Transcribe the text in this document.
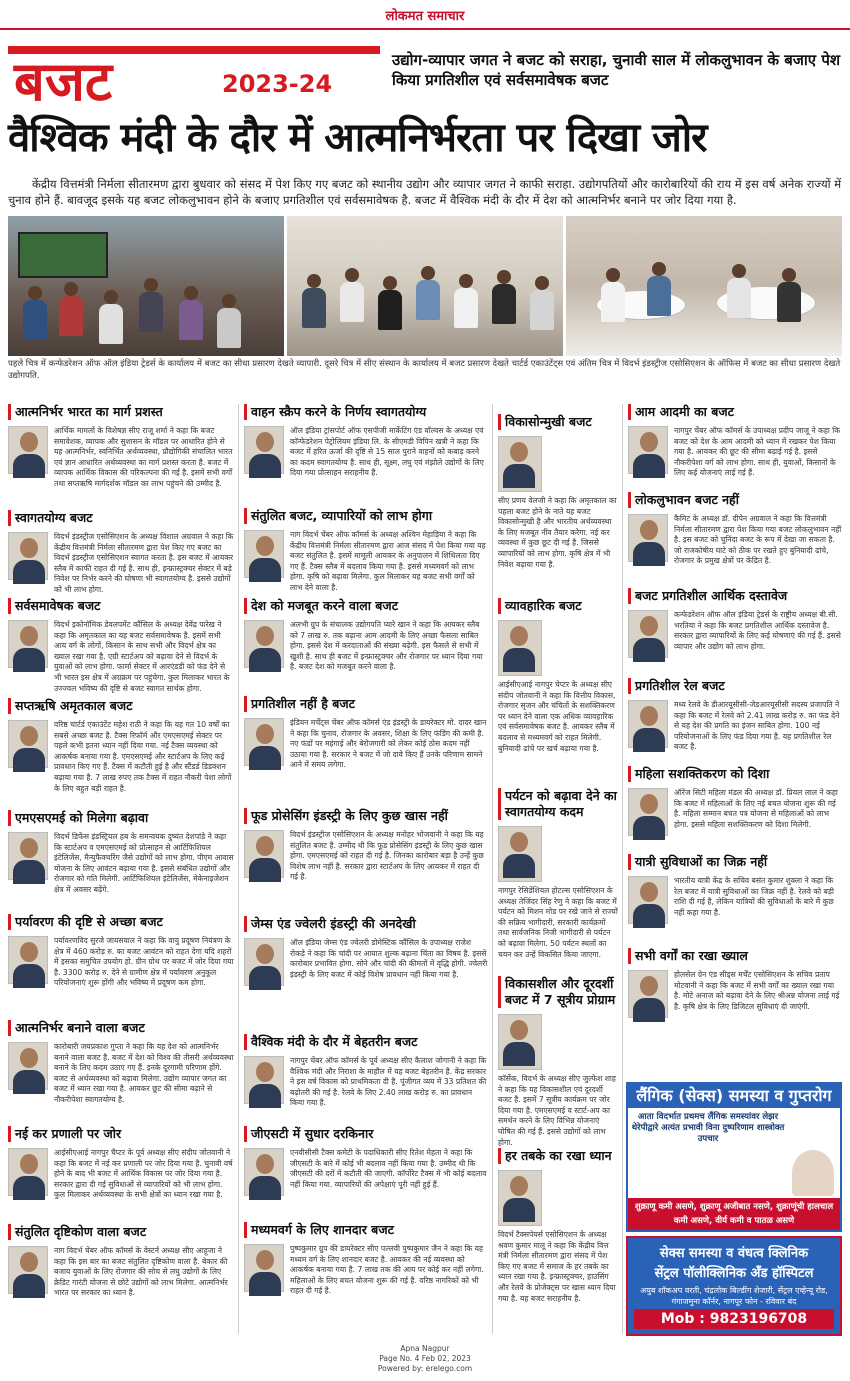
लोकमत समाचार
बजट	2023-24
उद्योग-व्यापार जगत ने बजट को सराहा, चुनावी साल में लोकलुभावन के बजाए पेश किया प्रगतिशील एवं सर्वसमावेषक बजट
वैश्विक मंदी के दौर में आत्मनिर्भरता पर दिखा जोर
केंद्रीय वित्तमंत्री निर्मला सीतारमण द्वारा बुधवार को संसद में पेश किए गए बजट को स्थानीय उद्योग और व्यापार जगत ने काफी सराहा. उद्योगपतियों और कारोबारियों की राय में इस वर्ष अनेक राज्यों में चुनाव होने हैं. बावजूद इसके यह बजट लोकलुभावन होने के बजाए प्रगतिशील एवं सर्वसमावेषक है. बजट में वैश्विक मंदी के दौर में देश को आत्मनिर्भर बनाने पर जोर दिया गया है.
पहले चित्र में कन्फेडरेशन ऑफ ऑल इंडिया ट्रेडर्स के कार्यालय में बजट का सीधा प्रसारण देखते व्यापारी. दूसरे चित्र में सीए संस्थान के कार्यालय में बजट प्रसारण देखते चार्टर्ड एकाउंटेंट्स एवं अंतिम चित्र में विदर्भ इंडस्ट्रीज एसोसिएशन के ऑफिस में बजट का सीधा प्रसारण देखते उद्योगपति.
आत्मनिर्भर भारत का मार्ग प्रशस्त
आर्थिक मामलों के विशेषज्ञ सीए राजू शर्मा ने कहा कि बजट समावेशक, व्यापक और सुशासन के मॉडल पर आधारित होने से यह आत्मनिर्भर, स्वनिर्भित अर्थव्यवस्था, प्रौद्योगिकी संचालित भारत एवं ज्ञान आधारित अर्थव्यवस्था का मार्ग प्रशस्त करता है. बजट में व्यापक आर्थिक विकास की परिकल्पना की गई है. इसमें सभी वर्गों तथा सप्तऋषि मार्गदर्शक मॉडल का लाभ पहुंचने की उम्मीद है.
स्वागतयोग्य बजट
विदर्भ इंडस्ट्रीज एसोसिएशन के अध्यक्ष विशाल अग्रवाल ने कहा कि केंद्रीय वित्तमंत्री निर्मला सीतारमण द्वारा पेश किए गए बजट का विदर्भ इंडस्ट्रीज एसोसिएशन स्वागत करता है. इस बजट में आयकर स्लैब में काफी राहत दी गई है. साथ ही, इन्फ्रास्ट्रक्चर सेक्टर में बड़े निवेश पर निर्भर करने की घोषणा भी स्वागतयोग्य है. इससे उद्योगों को भी लाभ होगा.
सर्वसमावेषक बजट
विदर्भ इकोनॉमिक डेवलपमेंट कौंसिल के अध्यक्ष देवेंद्र पारेख ने कहा कि अमृतकाल का यह बजट सर्वसमावेषक है. इसमें सभी आय वर्ग के लोगों, किसान के साथ सभी और विदर्भ क्षेत्र का ख्याल रखा गया है. एग्री स्टार्टअप को बढ़ावा देने से विदर्भ के युवाओं को लाभ होगा. फार्मा सेक्टर में आरएंडडी को फंड देने से भी भारत इस क्षेत्र में अग्रक्रम पर पहुंचेगा. कुल मिलाकर भारत के उज्ज्वल भविष्य की दृष्टि से बजट स्वागत सार्थक होगा.
सप्तऋषि अमृतकाल बजट
वरिष्ठ चार्टर्ड एकाउंटेंट महेश राठी ने कहा कि यह गत 10 वर्षों का सबसे अच्छा बजट है. टैक्स रिफॉर्म और एमएसएमई सेक्टर पर पहले कभी इतना ध्यान नहीं दिया गया. नई टैक्स व्यवस्था को आकर्षक बनाया गया है. एमएसएमई और स्टार्टअप के लिए कई प्रावधान किए गए हैं. टैक्स में कटौती हुई है और स्टैंडर्ड डिडक्शन बढ़ाया गया है. 7 लाख रुपए तक टैक्स में राहत नौकरी पेशा लोगों के लिए बहुत बड़ी राहत है.
एमएसएमई को मिलेगा बढ़ावा
विदर्भ डिफेंस इंडस्ट्रियल हब के समन्वयक दुष्यंत देशपांडे ने कहा कि स्टार्टअप व एमएसएमई को प्रोत्साहन से आर्टिफिशियल इंटेलिजेंस, मैन्युफैक्चरिंग जैसे उद्योगों को लाभ होगा. पीएम आवास योजना के लिए आवंटन बढ़ाया गया है. इससे संबंधित उद्योगों और रोजगार को गति मिलेगी. आर्टिफिशियल इंटेलिजेंस, मेकेनाइजेशन क्षेत्र में अवसर बढ़ेंगे.
पर्यावरण की दृष्टि से अच्छा बजट
पर्यावरणविद सुरजे जायसवाल ने कहा कि वायु प्रदूषण नियंत्रण के क्षेत्र में 460 करोड़ रु. का बजट आवंटन को राहत देगा यदि शहरों में इसका समुचित उपयोग हो. ग्रीन ग्रोथ पर बजट में जोर दिया गया है. 3300 करोड़ रु. देने से ग्रामीण क्षेत्र में पर्यावरण अनुकूल परियोजनाएं शुरू होंगी और भविष्य में प्रदूषण कम होगा.
आत्मनिर्भर बनाने वाला बजट
कारोबारी जयप्रकाश गुप्ता ने कहा कि यह देश को आत्मनिर्भर बनाने वाला बजट है. बजट में देश को विश्व की तीसरी अर्थव्यवस्था बनाने के लिए कदम उठाए गए हैं. इनके दूरगामी परिणाम होंगे. बजट से अर्थव्यवस्था को बढ़ावा मिलेगा. उद्योग व्यापार जगत का बजट में ध्यान रखा गया है. आयकर छूट की सीमा बढ़ाने से नौकरीपेशा स्वागतयोग्य है.
नई कर प्रणाली पर जोर
आईसीएआई नागपुर चैप्टर के पूर्व अध्यक्ष सीए संदीप जोतवानी ने कहा कि बजट में नई कर प्रणाली पर जोर दिया गया है. चुनावी वर्ष होने के बाद भी बजट में आर्थिक विकास पर जोर दिया गया है. सरकार द्वारा दी गई सुविधाओं से व्यापारियों को भी लाभ होगा. कुल मिलाकर अर्थव्यवस्था के सभी क्षेत्रों का ध्यान रखा गया है.
संतुलित दृष्टिकोण वाला बजट
नाग विदर्भ चेंबर ऑफ कॉमर्स के वेस्टर्न अध्यक्ष सीए आहूजा ने कहा कि इस बार का बजट संतुलित दृष्टिकोण वाला है. बेकार की बजाय युवाओं के लिए रोजगार की सोच से लघु उद्योगों के लिए क्रेडिट गारंटी योजना से छोटे उद्योगों को लाभ मिलेगा. आत्मनिर्भर भारत पर सरकार का ध्यान है.
वाहन स्क्रैप करने के निर्णय स्वागतयोग्य
ऑल इंडिया ट्रांसपोर्ट ऑफ एसपीजी मार्केटिंग एंड वॉल्वस के अध्यक्ष एवं कॉन्फेडरेशन पेट्रोलियम इंडिया लि. के सीएमडी विपिन खत्री ने कहा कि बजट में हरित ऊर्जा की दृष्टि से 15 साल पुराने वाहनों को कबाड़ करने का कदम स्वागतयोग्य है. साथ ही, सूक्ष्म, लघु एवं मंझोले उद्योगों के लिए दिया गया प्रोत्साहन सराहनीय है.
संतुलित बजट, व्यापारियों को लाभ होगा
नाग विदर्भ चेंबर ऑफ कॉमर्स के अध्यक्ष अश्विन मेहाड़िया ने कहा कि केंद्रीय वित्तमंत्री निर्मला सीतारमण द्वारा आज संसद में पेश किया गया यह बजट संतुलित है. इसमें मामूली आयकर के अनुपालन में शिथिलता दिए गए हैं. टैक्स स्लैब में बदलाव किया गया है. इससे मध्यमवर्ग को लाभ होगा. कृषि को बढ़ावा मिलेगा. कुल मिलाकर यह बजट सभी वर्गों को लाभ देने वाला है.
देश को मजबूत करने वाला बजट
अलभी ग्रुप के संचालक उद्योगपति प्यारे खान ने कहा कि आयकर स्लैब को 7 लाख रु. तक बढ़ाना आम आदमी के लिए अच्छा फैसला साबित होगा. इससे देश में करदाताओं की संख्या बढ़ेगी. इस फैसले से सभी में खुशी है. साथ ही बजट में इन्फ्रास्ट्रक्चर और रोजगार पर ध्यान दिया गया है. बजट देश को मजबूत करने वाला है.
प्रगतिशील नहीं है बजट
इंडियन मर्चेंट्स चेंबर ऑफ कॉमर्स एंड इंडस्ट्री के डायरेक्टर मो. दादर खान ने कहा कि चुनाव, रोजगार के अवसर, शिक्षा के लिए फंडिंग की कमी है. नए फंडों पर महंगाई और बेरोजगारी को लेकर कोई ठोस कदम नहीं उठाया गया है. सरकार ने बजट में जो दावे किए हैं उनके परिणाम सामने आने में समय लगेगा.
फूड प्रोसेसिंग इंडस्ट्री के लिए कुछ खास नहीं
विदर्भ इंडस्ट्रीज एसोसिएशन के अध्यक्ष मनोहर भोजवानी ने कहा कि यह संतुलित बजट है. उम्मीद थी कि फूड प्रोसेसिंग इंडस्ट्री के लिए कुछ खास होगा. एमएसएमई को राहत दी गई है. जिनका कारोबार बड़ा है उन्हें कुछ विशेष लाभ नहीं है. सरकार द्वारा स्टार्टअप के लिए आयकर में राहत दी गई है.
जेम्स एंड ज्वेलरी इंडस्ट्री की अनदेखी
ऑल इंडिया जेम्स एंड ज्वेलरी डोमेस्टिक कौंसिल के उपाध्यक्ष राजेश रोकड़े ने कहा कि चांदी पर आयात शुल्क बढ़ाना चिंता का विषय है. इससे कारोबार प्रभावित होगा. सोने और चांदी की कीमतों में वृद्धि होगी. ज्वेलरी इंडस्ट्री के लिए बजट में कोई विशेष प्रावधान नहीं किया गया है.
वैश्विक मंदी के दौर में बेहतरीन बजट
नागपुर चेंबर ऑफ कॉमर्स के पूर्व अध्यक्ष सीए कैलाश जोगानी ने कहा कि वैश्विक मंदी और निराशा के माहौल में यह बजट बेहतरीन है. केंद्र सरकार ने इस वर्ष विकास को प्राथमिकता दी है. पूंजीगत व्यय में 33 प्रतिशत की बढ़ोतरी की गई है. रेलवे के लिए 2.40 लाख करोड़ रु. का प्रावधान किया गया है.
जीएसटी में सुधार दरकिनार
एनवीसीसी टैक्स कमेटी के पदाधिकारी सीए रितेश मेहता ने कहा कि जीएसटी के बारे में कोई भी बदलाव नहीं किया गया है. उम्मीद थी कि जीएसटी की दरों में कटौती की जाएगी. कॉर्पोरेट टैक्स में भी कोई बदलाव नहीं किया गया. व्यापारियों की अपेक्षाएं पूरी नहीं हुई हैं.
मध्यमवर्ग के लिए शानदार बजट
पुष्पकुमार ग्रुप की डायरेक्टर सीए पल्लवी पुष्पकुमार जैन ने कहा कि यह मध्यम वर्ग के लिए शानदार बजट है. आयकर की नई व्यवस्था को आकर्षक बनाया गया है. 7 लाख तक की आय पर कोई कर नहीं लगेगा. महिलाओं के लिए बचत योजना शुरू की गई है. वरिष्ठ नागरिकों को भी राहत दी गई है.
विकासोन्मुखी बजट
सीए प्रणय वेलजी ने कहा कि अमृतकाल का पहला बजट होने के नाते यह बजट विकासोन्मुखी है और भारतीय अर्थव्यवस्था के लिए मजबूत नींव तैयार करेगा. नई कर व्यवस्था में कुछ छूट दी गई है. जिससे व्यापारियों को लाभ होगा. कृषि क्षेत्र में भी निवेश बढ़ाया गया है.
व्यावहारिक बजट
आईसीएआई नागपुर चेप्टर के अध्यक्ष सीए संदीप जोतवानी ने कहा कि वित्तीय विकास, रोजगार सृजन और चंचितों के सशक्तिकरण पर ध्यान देने वाला एक अधिक व्यावहारिक एवं सर्वसमावेषक बजट है. आयकर स्लैब में बदलाव से मध्यमवर्ग को राहत मिलेगी. बुनियादी ढांचे पर खर्च बढ़ाया गया है.
पर्यटन को बढ़ावा देने का स्वागतयोग्य कदम
नागपुर रेसिडेंशियल होटल्स एसोसिएशन के अध्यक्ष तेजिंदर सिंह रेणु ने कहा कि बजट में पर्यटन को मिशन मोड पर रखे जाने से राज्यों की सक्रिय भागीदारी, सरकारी कार्यक्रमों तथा सार्वजनिक निजी भागीदारी से पर्यटन को बढ़ावा मिलेगा. 50 पर्यटन स्थलों का चयन कर उन्हें विकसित किया जाएगा.
विकासशील और दूरदर्शी बजट में 7 सूत्रीय प्रोग्राम
कॉर्सेक, विदर्भ के अध्यक्ष सीए जुल्फेश शाह ने कहा कि यह विकासशील एवं दूरदर्शी बजट है. इसमें 7 सूत्रीय कार्यक्रम पर जोर दिया गया है. एमएसएमई व स्टार्ट-अप का समर्थन करने के लिए विभिन्न योजनाएं घोषित की गई हैं. इससे उद्योगों को लाभ होगा.
हर तबके का रखा ध्यान
विदर्भ टैक्सपेयर्स एसोसिएशन के अध्यक्ष श्रवण कुमार मालू ने कहा कि केंद्रीय वित्त मंत्री निर्मला सीतारमण द्वारा संसद में पेश किए गए बजट में समाज के हर तबके का ध्यान रखा गया है. इन्फ्रास्ट्रक्चर, हाउसिंग और रेलवे के प्रोजेक्ट्स पर खास ध्यान दिया गया है. यह बजट सराहनीय है.
आम आदमी का बजट
नागपुर चेंबर ऑफ कॉमर्स के उपाध्यक्ष प्रदीप जाजू ने कहा कि बजट को देश के आम आदमी को ध्यान में रखकर पेश किया गया है. आयकर की छूट की सीमा बढ़ाई गई है. इससे नौकरीपेशा वर्ग को लाभ होगा. साथ ही, युवाओं, किसानों के लिए कई योजनाएं लाई गई हैं.
लोकलुभावन बजट नहीं
कैमिट के अध्यक्ष डॉ. दीपेन अग्रवाल ने कहा कि वित्तमंत्री निर्मला सीतारमण द्वारा पेश किया गया बजट लोकलुभावन नहीं है. इस बजट को चुनिंदा बजट के रूप में देखा जा सकता है. जो राजकोषीय घाटे को ठीक पर रखते हुए बुनियादी ढांचे, रोजगार के प्रमुख क्षेत्रों पर केंद्रित है.
बजट प्रगतिशील आर्थिक दस्तावेज
कन्फेडरेशन ऑफ ऑल इंडिया ट्रेडर्स के राष्ट्रीय अध्यक्ष बी.सी. भरतिया ने कहा कि बजट प्रगतिशील आर्थिक दस्तावेज है. सरकार द्वारा व्यापारियों के लिए कई घोषणाएं की गई हैं. इससे व्यापार और उद्योग को लाभ होगा.
प्रगतिशील रेल बजट
मध्य रेलवे के डीआरयूसीसी-जेडआरयूसीसी सदस्य प्रजापति ने कहा कि बजट में रेलवे को 2.41 लाख करोड़ रु. का फंड देने से यह देश की प्रगति का इंजन साबित होगा. 100 नई परियोजनाओं के लिए फंड दिया गया है. यह प्रगतिशील रेल बजट है.
महिला सशक्तिकरण को दिशा
ऑरेंज सिटी महिला मंडल की अध्यक्ष डॉ. प्रियल लाल ने कहा कि बजट में महिलाओं के लिए नई बचत योजना शुरू की गई है. महिला सम्मान बचत पत्र योजना से महिलाओं को लाभ होगा. इससे महिला सशक्तिकरण को दिशा मिलेगी.
यात्री सुविधाओं का जिक्र नहीं
भारतीय यात्री केंद्र के सचिव बसंत कुमार शुक्ला ने कहा कि रेल बजट में यात्री सुविधाओं का जिक्र नहीं है. रेलवे को बड़ी राशि दी गई है, लेकिन यात्रियों की सुविधाओं के बारे में कुछ नहीं कहा गया है.
सभी वर्गों का रखा ख्याल
होलसेल ग्रेन एंड सीड्स मर्चेंट एसोसिएशन के सचिव प्रताप मोटवानी ने कहा कि बजट में सभी वर्गों का ख्याल रखा गया है. मोटे अनाज को बढ़ावा देने के लिए श्रीअन्न योजना लाई गई है. कृषि क्षेत्र के लिए डिजिटल सुविधाएं दी जाएंगी.
लैंगिक (सेक्स) समस्या व गुप्तरोग
आता विदर्भात प्रथमच लैंगिक समस्यांवर लेझर थेरेपीद्वारे अत्यंत प्रभावी विना दुष्परिणाम शास्त्रोक्त उपचार
शुक्राणू कमी असणे, शुक्राणू अजीबात नसणे, शुक्राणूंची हालचाल कमी असणे, वीर्य कमी व पातळ असणे
सेक्स समस्या व वंधत्व क्लिनिक
सेंट्रल पॉलीक्लिनिक अँड हॉस्पिटल
अयुब शॉकअप वरती, चंद्रलोक बिल्डींग शेजारी, सेंट्रल एव्हेन्यू रोड, गंगाजमुना कॉर्नर, नागपूर फोन - रविवार बंद
Mob : 9823196708
Apna Nagpur
Page No. 4 Feb 02, 2023
Powered by: erelego.com
